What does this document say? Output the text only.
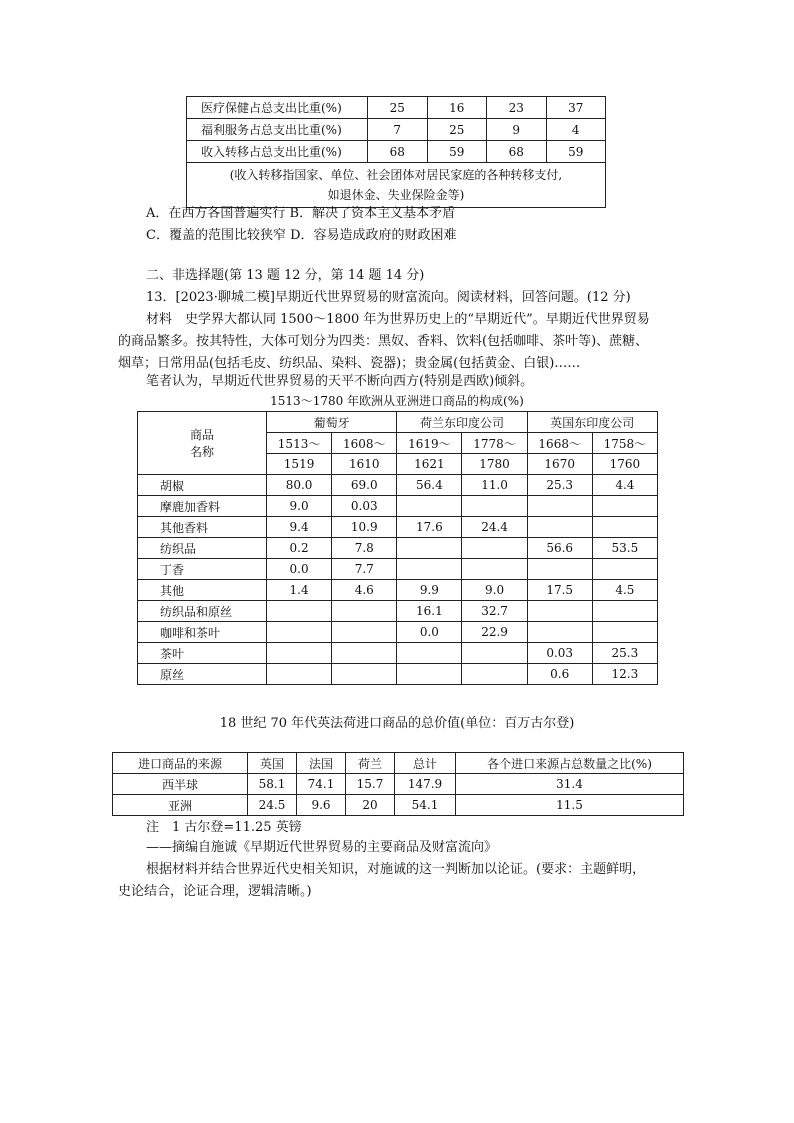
医疗保健占总支出比重(%)	25	16	23	37
福利服务占总支出比重(%)	7	25	9	4
收入转移占总支出比重(%)	68	59	68	59

(收入转移指国家、单位、社会团体对居民家庭的各种转移支付,
如退休金、失业保险金等)				
A．在西方各国普遍实行 B．解决了资本主义基本矛盾
C．覆盖的范围比较狭窄 D．容易造成政府的财政困难
二、非选择题(第 13 题 12 分，第 14 题 14 分)
13．[2023·聊城二模]早期近代世界贸易的财富流向。阅读材料，回答问题。(12 分)
材料　史学界大都认同 1500～1800 年为世界历史上的“早期近代”。早期近代世界贸易
的商品繁多。按其特性，大体可划分为四类：黑奴、香料、饮料(包括咖啡、茶叶等)、蔗糖、
烟草；日常用品(包括毛皮、纺织品、染料、瓷器)；贵金属(包括黄金、白银)……
笔者认为，早期近代世界贸易的天平不断向西方(特别是西欧)倾斜。
1513～1780 年欧洲从亚洲进口商品的构成(%)
商品
名称	葡萄牙		荷兰东印度公司		英国东印度公司	
	1513～	1608～	1619～	1778～	1668～	1758～
	1519	1610	1621	1780	1670	1760
胡椒	80.0	69.0	56.4	11.0	25.3	4.4
摩鹿加香料	9.0	0.03				
其他香料	9.4	10.9	17.6	24.4		
纺织品	0.2	7.8			56.6	53.5
丁香	0.0	7.7				
其他	1.4	4.6	9.9	9.0	17.5	4.5
纺织品和原丝			16.1	32.7		
咖啡和茶叶			0.0	22.9		
茶叶					0.03	25.3
原丝					0.6	12.3
18 世纪 70 年代英法荷进口商品的总价值(单位：百万古尔登)
进口商品的来源	英国	法国	荷兰	总计	各个进口来源占总数量之比(%)
西半球	58.1	74.1	15.7	147.9	31.4
亚洲	24.5	9.6	20	54.1	11.5
注　1 古尔登=11.25 英镑
——摘编自施诚《早期近代世界贸易的主要商品及财富流向》
根据材料并结合世界近代史相关知识，对施诚的这一判断加以论证。(要求：主题鲜明，
史论结合，论证合理，逻辑清晰。)
